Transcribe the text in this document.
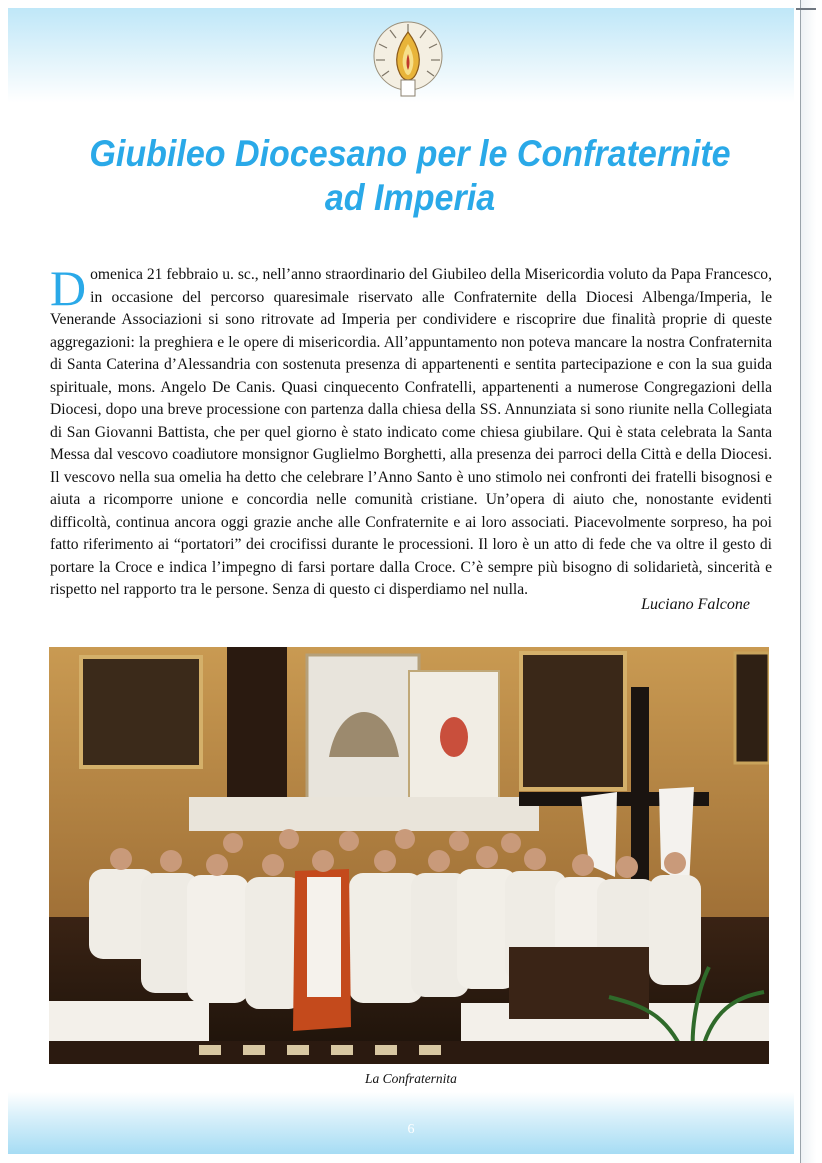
Giubileo Diocesano per le Confraternite
ad Imperia

Domenica 21 febbraio u. sc., nell’anno straordinario del Giubileo della Misericordia voluto da Papa Francesco, in occasione del percorso quaresimale riservato alle Confraternite della Diocesi Albenga/Imperia, le Venerande Associazioni si sono ritrovate ad Imperia per condividere e riscoprire due finalità proprie di queste aggregazioni: la preghiera e le opere di misericordia. All’appuntamento non poteva mancare la nostra Confraternita di Santa Caterina d’Alessandria con sostenuta presenza di appartenenti e sentita partecipazione e con la sua guida spirituale, mons. Angelo De Canis. Quasi cinquecento Confratelli, appartenenti a numerose Congregazioni della Diocesi, dopo una breve processione con partenza dalla chiesa della SS. Annunziata si sono riunite nella Collegiata di San Giovanni Battista, che per quel giorno è stato indicato come chiesa giubilare. Qui è stata celebrata la Santa Messa dal vescovo coadiutore monsignor Guglielmo Borghetti, alla presenza dei parroci della Città e della Diocesi. Il vescovo nella sua omelia ha detto che celebrare l’Anno Santo è uno stimolo nei confronti dei fratelli bisognosi e aiuta a ricomporre unione e concordia nelle comunità cristiane. Un’opera di aiuto che, nonostante evidenti difficoltà, continua ancora oggi grazie anche alle Confraternite e ai loro associati. Piacevolmente sorpreso, ha poi fatto riferimento ai “portatori” dei crocifissi durante le processioni. Il loro è un atto di fede che va oltre il gesto di portare la Croce e indica l’impegno di farsi portare dalla Croce. C’è sempre più bisogno di solidarietà, sincerità e rispetto nel rapporto tra le persone. Senza di questo ci disperdiamo nel nulla.

Luciano Falcone
La Confraternita
6
